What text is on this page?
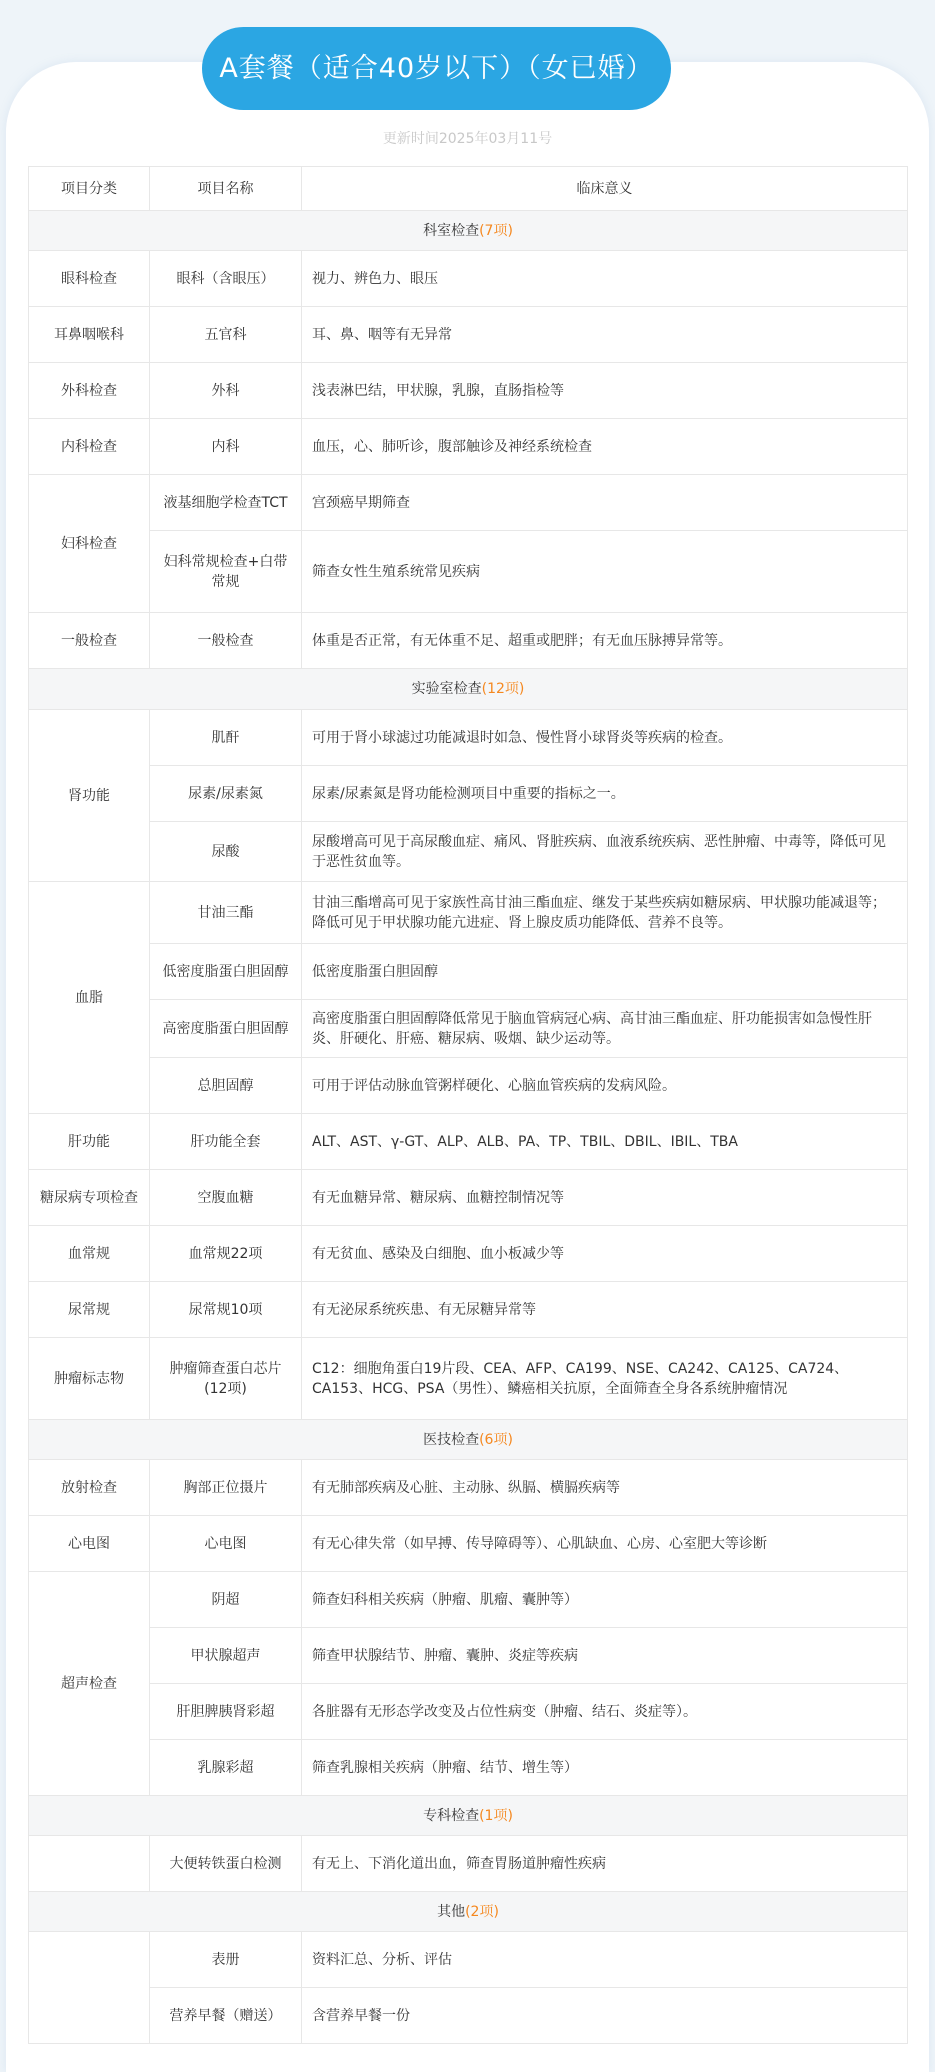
A套餐（适合40岁以下）（女已婚）
更新时间2025年03月11号
项目分类	项目名称	临床意义
科室检查(7项)		
眼科检查	眼科（含眼压）	视力、辨色力、眼压
耳鼻咽喉科	五官科	耳、鼻、咽等有无异常
外科检查	外科	浅表淋巴结，甲状腺，乳腺，直肠指检等
内科检查	内科	血压，心、肺听诊，腹部触诊及神经系统检查
妇科检查	液基细胞学检查TCT	宫颈癌早期筛查
	妇科常规检查+白带常规	筛查女性生殖系统常见疾病
一般检查	一般检查	体重是否正常，有无体重不足、超重或肥胖；有无血压脉搏异常等。
实验室检查(12项)		
肾功能	肌酐	可用于肾小球滤过功能减退时如急、慢性肾小球肾炎等疾病的检查。
	尿素/尿素氮	尿素/尿素氮是肾功能检测项目中重要的指标之一。
	尿酸	尿酸增高可见于高尿酸血症、痛风、肾脏疾病、血液系统疾病、恶性肿瘤、中毒等，降低可见于恶性贫血等。
血脂	甘油三酯	甘油三酯增高可见于家族性高甘油三酯血症、继发于某些疾病如糖尿病、甲状腺功能减退等；降低可见于甲状腺功能亢进症、肾上腺皮质功能降低、营养不良等。
	低密度脂蛋白胆固醇	低密度脂蛋白胆固醇
	高密度脂蛋白胆固醇	高密度脂蛋白胆固醇降低常见于脑血管病冠心病、高甘油三酯血症、肝功能损害如急慢性肝炎、肝硬化、肝癌、糖尿病、吸烟、缺少运动等。
	总胆固醇	可用于评估动脉血管粥样硬化、心脑血管疾病的发病风险。
肝功能	肝功能全套	ALT、AST、γ-GT、ALP、ALB、PA、TP、TBIL、DBIL、IBIL、TBA
糖尿病专项检查	空腹血糖	有无血糖异常、糖尿病、血糖控制情况等
血常规	血常规22项	有无贫血、感染及白细胞、血小板减少等
尿常规	尿常规10项	有无泌尿系统疾患、有无尿糖异常等
肿瘤标志物	肿瘤筛查蛋白芯片(12项)	C12：细胞角蛋白19片段、CEA、AFP、CA199、NSE、CA242、CA125、CA724、CA153、HCG、PSA（男性）、鳞癌相关抗原，全面筛查全身各系统肿瘤情况
医技检查(6项)		
放射检查	胸部正位摄片	有无肺部疾病及心脏、主动脉、纵膈、横膈疾病等
心电图	心电图	有无心律失常（如早搏、传导障碍等）、心肌缺血、心房、心室肥大等诊断
超声检查	阴超	筛查妇科相关疾病（肿瘤、肌瘤、囊肿等）
	甲状腺超声	筛查甲状腺结节、肿瘤、囊肿、炎症等疾病
	肝胆脾胰肾彩超	各脏器有无形态学改变及占位性病变（肿瘤、结石、炎症等）。
	乳腺彩超	筛查乳腺相关疾病（肿瘤、结节、增生等）
专科检查(1项)		
	大便转铁蛋白检测	有无上、下消化道出血，筛查胃肠道肿瘤性疾病
其他(2项)		
	表册	资料汇总、分析、评估
	营养早餐（赠送）	含营养早餐一份
